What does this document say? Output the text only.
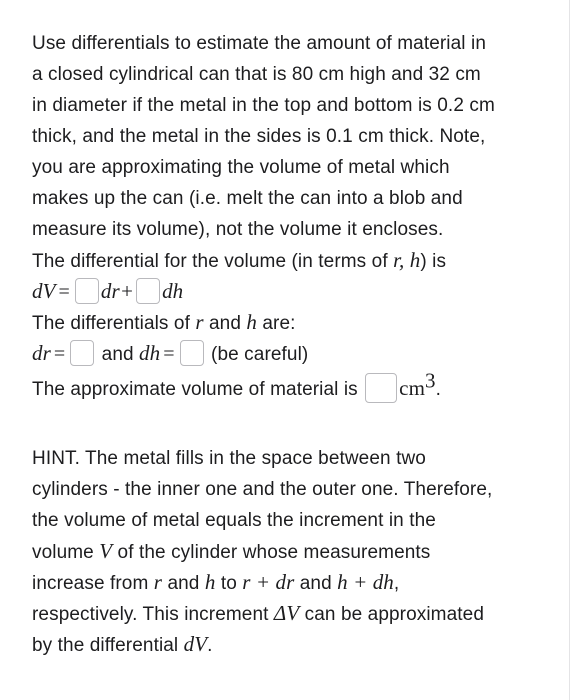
Use differentials to estimate the amount of material in
a closed cylindrical can that is 80 cm high and 32 cm
in diameter if the metal in the top and bottom is 0.2 cm
thick, and the metal in the sides is 0.1 cm thick. Note,
you are approximating the volume of metal which
makes up the can (i.e. melt the can into a blob and
measure its volume), not the volume it encloses.
The differential for the volume (in terms of r, h) is
dV = dr+ dh
The differentials of r and h are:
dr = and dh = (be careful)
The approximate volume of material is $cm^3$.
HINT. The metal fills in the space between two
cylinders - the inner one and the outer one. Therefore,
the volume of metal equals the increment in the
volume V of the cylinder whose measurements
increase from r and h to r + dr and h + dh,
respectively. This increment ΔV can be approximated
by the differential dV.
